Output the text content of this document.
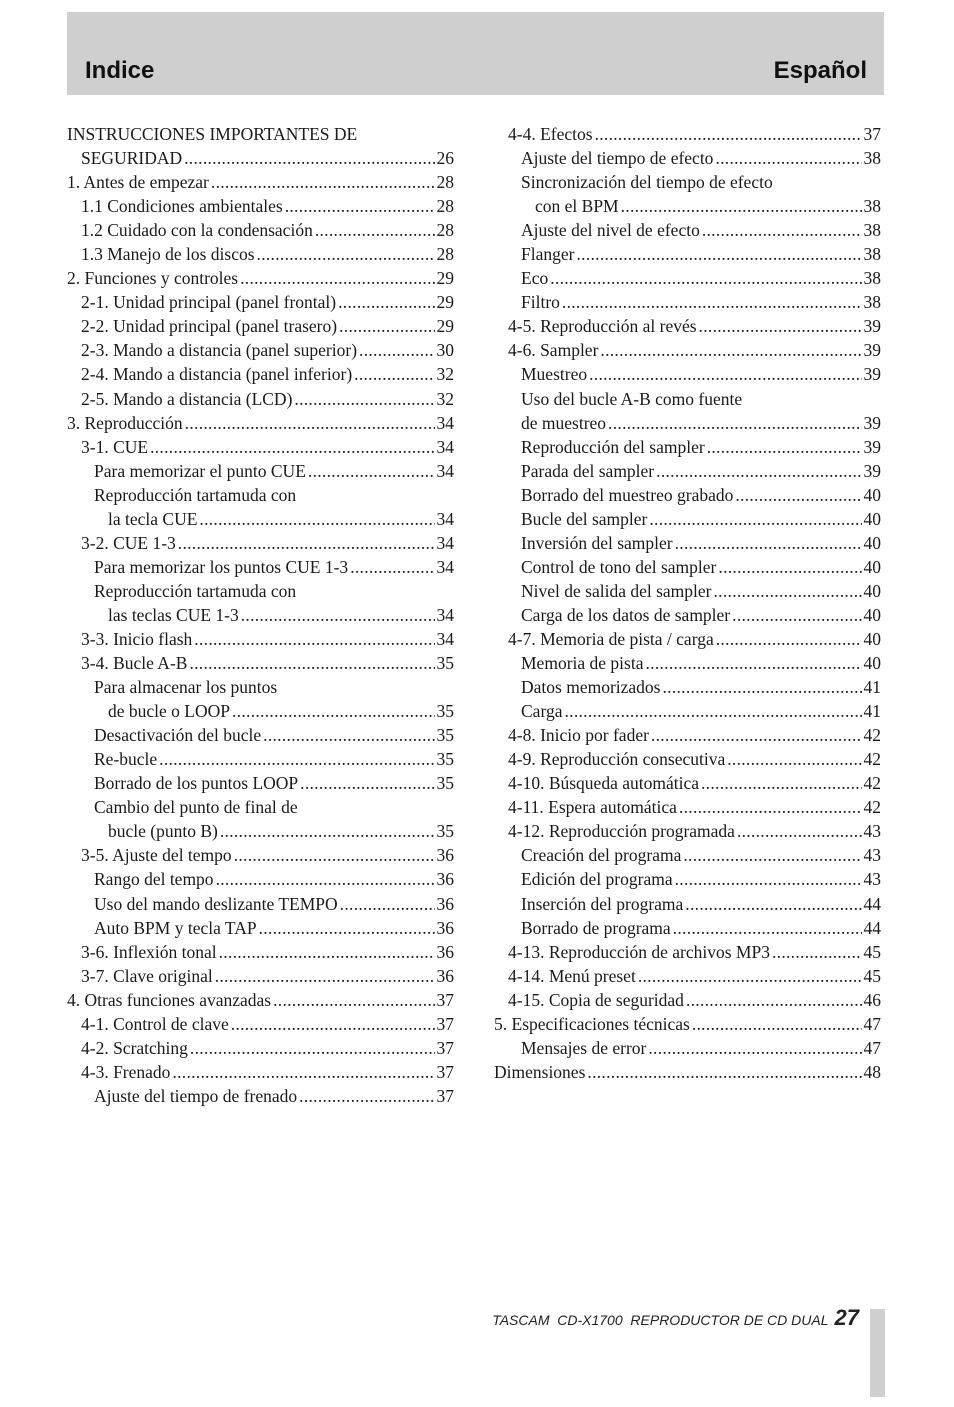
Indice	Español
INSTRUCCIONES IMPORTANTES DE
SEGURIDAD .....	26
1. Antes de empezar .....	28
1.1 Condiciones ambientales .....	28
1.2 Cuidado con la condensación .....	28
1.3 Manejo de los discos .....	28
2. Funciones y controles .....	29
2-1. Unidad principal (panel frontal) .....	29
2-2. Unidad principal (panel trasero) .....	29
2-3. Mando a distancia (panel superior) .....	30
2-4. Mando a distancia (panel inferior) .....	32
2-5. Mando a distancia (LCD) .....	32
3. Reproducción .....	34
3-1. CUE .....	34
Para memorizar el punto CUE .....	34
Reproducción tartamuda con
la tecla CUE .....	34
3-2. CUE 1-3 .....	34
Para memorizar los puntos CUE 1-3 .....	34
Reproducción tartamuda con
las teclas CUE 1-3 .....	34
3-3. Inicio flash .....	34
3-4. Bucle A-B .....	35
Para almacenar los puntos
de bucle o LOOP .....	35
Desactivación del bucle .....	35
Re-bucle .....	35
Borrado de los puntos LOOP .....	35
Cambio del punto de final de
bucle (punto B) .....	35
3-5. Ajuste del tempo .....	36
Rango del tempo .....	36
Uso del mando deslizante TEMPO .....	36
Auto BPM y tecla TAP .....	36
3-6. Inflexión tonal .....	36
3-7. Clave original .....	36
4. Otras funciones avanzadas .....	37
4-1. Control de clave .....	37
4-2. Scratching .....	37
4-3. Frenado .....	37
Ajuste del tiempo de frenado .....	37
4-4. Efectos .....	37
Ajuste del tiempo de efecto .....	38
Sincronización del tiempo de efecto
con el BPM .....	38
Ajuste del nivel de efecto .....	38
Flanger .....	38
Eco .....	38
Filtro .....	38
4-5. Reproducción al revés .....	39
4-6. Sampler .....	39
Muestreo .....	39
Uso del bucle A-B como fuente
de muestreo .....	39
Reproducción del sampler .....	39
Parada del sampler .....	39
Borrado del muestreo grabado .....	40
Bucle del sampler .....	40
Inversión del sampler .....	40
Control de tono del sampler .....	40
Nivel de salida del sampler .....	40
Carga de los datos de sampler .....	40
4-7. Memoria de pista / carga .....	40
Memoria de pista .....	40
Datos memorizados .....	41
Carga .....	41
4-8. Inicio por fader .....	42
4-9. Reproducción consecutiva .....	42
4-10. Búsqueda automática .....	42
4-11. Espera automática .....	42
4-12. Reproducción programada .....	43
Creación del programa .....	43
Edición del programa .....	43
Inserción del programa .....	44
Borrado de programa .....	44
4-13. Reproducción de archivos MP3 .....	45
4-14. Menú preset .....	45
4-15. Copia de seguridad .....	46
5. Especificaciones técnicas .....	47
Mensajes de error .....	47
Dimensiones .....	48
TASCAM  CD-X1700  REPRODUCTOR DE CD DUAL 27
